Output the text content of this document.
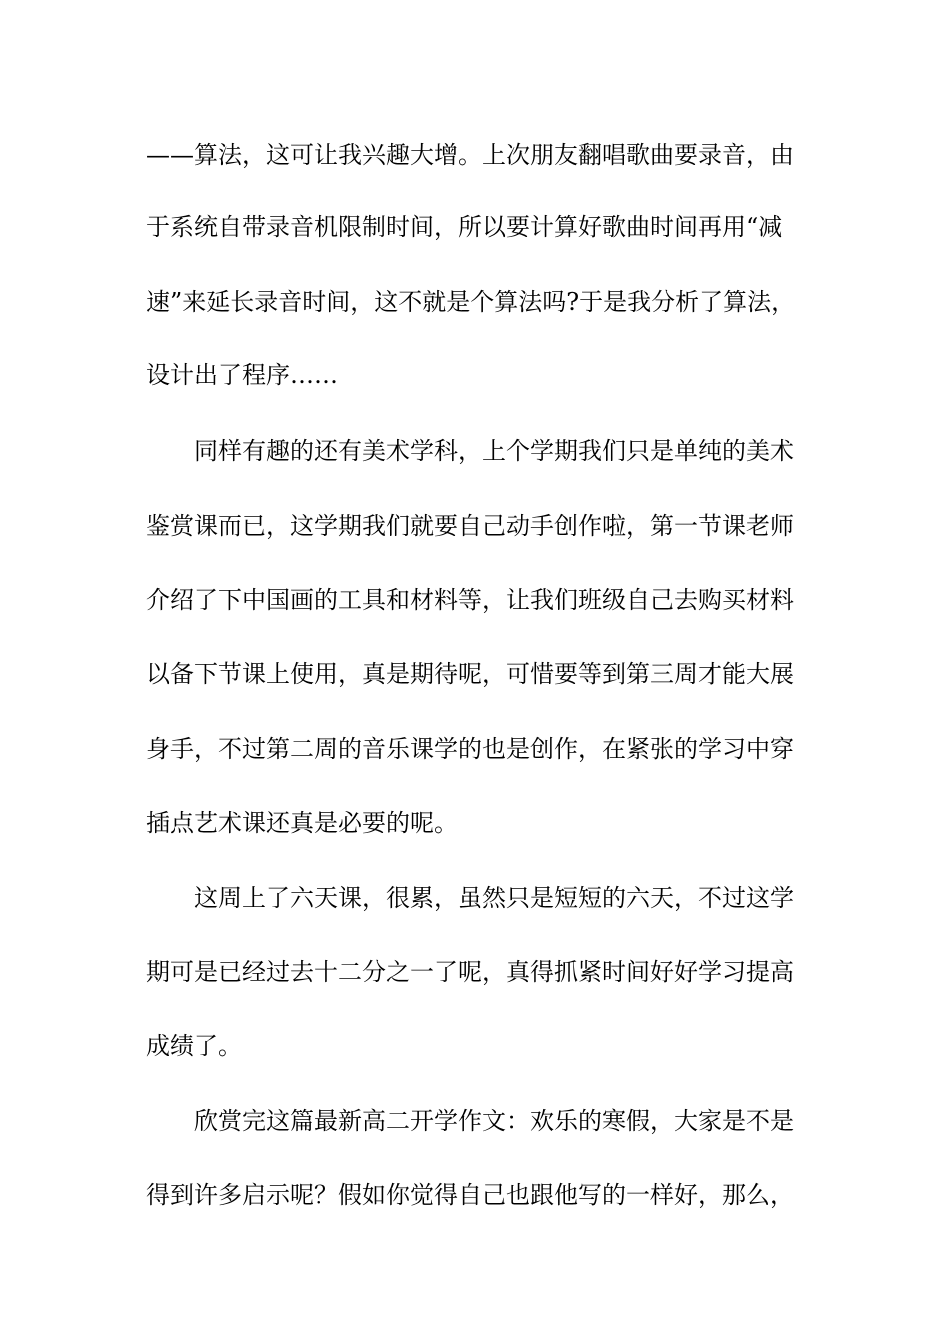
——算法，这可让我兴趣大增。上次朋友翻唱歌曲要录音，由
于系统自带录音机限制时间，所以要计算好歌曲时间再用“减
速”来延长录音时间，这不就是个算法吗?于是我分析了算法，
设计出了程序……
同样有趣的还有美术学科，上个学期我们只是单纯的美术
鉴赏课而已，这学期我们就要自己动手创作啦，第一节课老师
介绍了下中国画的工具和材料等，让我们班级自己去购买材料
以备下节课上使用，真是期待呢，可惜要等到第三周才能大展
身手，不过第二周的音乐课学的也是创作，在紧张的学习中穿
插点艺术课还真是必要的呢。
这周上了六天课，很累，虽然只是短短的六天，不过这学
期可是已经过去十二分之一了呢，真得抓紧时间好好学习提高
成绩了。
欣赏完这篇最新高二开学作文：欢乐的寒假，大家是不是
得到许多启示呢？假如你觉得自己也跟他写的一样好，那么，
